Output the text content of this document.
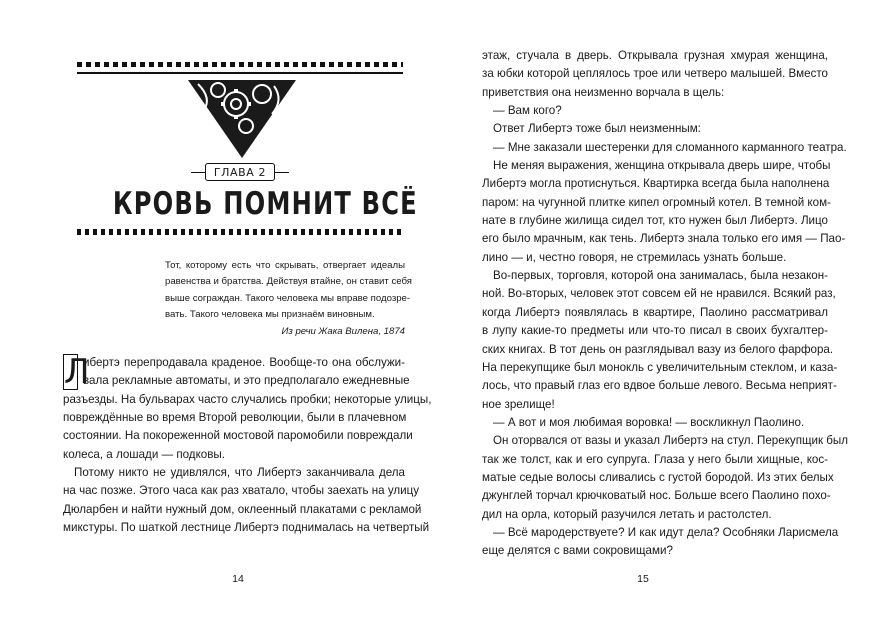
ГЛАВА 2
КРОВЬ ПОМНИТ ВСЁ
Тот, которому есть что скрывать, отвергает идеалы
равенства и братства. Действуя втайне, он ставит себя
выше сограждан. Такого человека мы вправе подозре-
вать. Такого человека мы признаём виновным.
Из речи Жака Вилена, 1874
Л
ибертэ перепродавала краденое. Вообще-то она обслужи-
вала рекламные автоматы, и это предполагало ежедневные
разъезды. На бульварах часто случались пробки; некоторые улицы,
повреждённые во время Второй революции, были в плачевном
состоянии. На покореженной мостовой паромобили повреждали
колеса, а лошади — подковы.
Потому никто не удивлялся, что Либертэ заканчивала дела
на час позже. Этого часа как раз хватало, чтобы заехать на улицу
Дюларбен и найти нужный дом, оклеенный плакатами с рекламой
микстуры. По шаткой лестнице Либертэ поднималась на четвертый
14
этаж, стучала в дверь. Открывала грузная хмурая женщина,
за юбки которой цеплялось трое или четверо малышей. Вместо
приветствия она неизменно ворчала в щель:
— Вам кого?
Ответ Либертэ тоже был неизменным:
— Мне заказали шестеренки для сломанного карманного театра.
Не меняя выражения, женщина открывала дверь шире, чтобы
Либертэ могла протиснуться. Квартирка всегда была наполнена
паром: на чугунной плитке кипел огромный котел. В темной ком-
нате в глубине жилища сидел тот, кто нужен был Либертэ. Лицо
его было мрачным, как тень. Либертэ знала только его имя — Пао-
лино — и, честно говоря, не стремилась узнать больше.
Во-первых, торговля, которой она занималась, была незакон-
ной. Во-вторых, человек этот совсем ей не нравился. Всякий раз,
когда Либертэ появлялась в квартире, Паолино рассматривал
в лупу какие-то предметы или что-то писал в своих бухгалтер-
ских книгах. В тот день он разглядывал вазу из белого фарфора.
На перекупщике был монокль с увеличительным стеклом, и каза-
лось, что правый глаз его вдвое больше левого. Весьма неприят-
ное зрелище!
— А вот и моя любимая воровка! — воскликнул Паолино.
Он оторвался от вазы и указал Либертэ на стул. Перекупщик был
так же толст, как и его супруга. Глаза у него были хищные, кос-
матые седые волосы сливались с густой бородой. Из этих белых
джунглей торчал крючковатый нос. Больше всего Паолино похо-
дил на орла, который разучился летать и растолстел.
— Всё мародерствуете? И как идут дела? Особняки Ларисмела
еще делятся с вами сокровищами?
15
